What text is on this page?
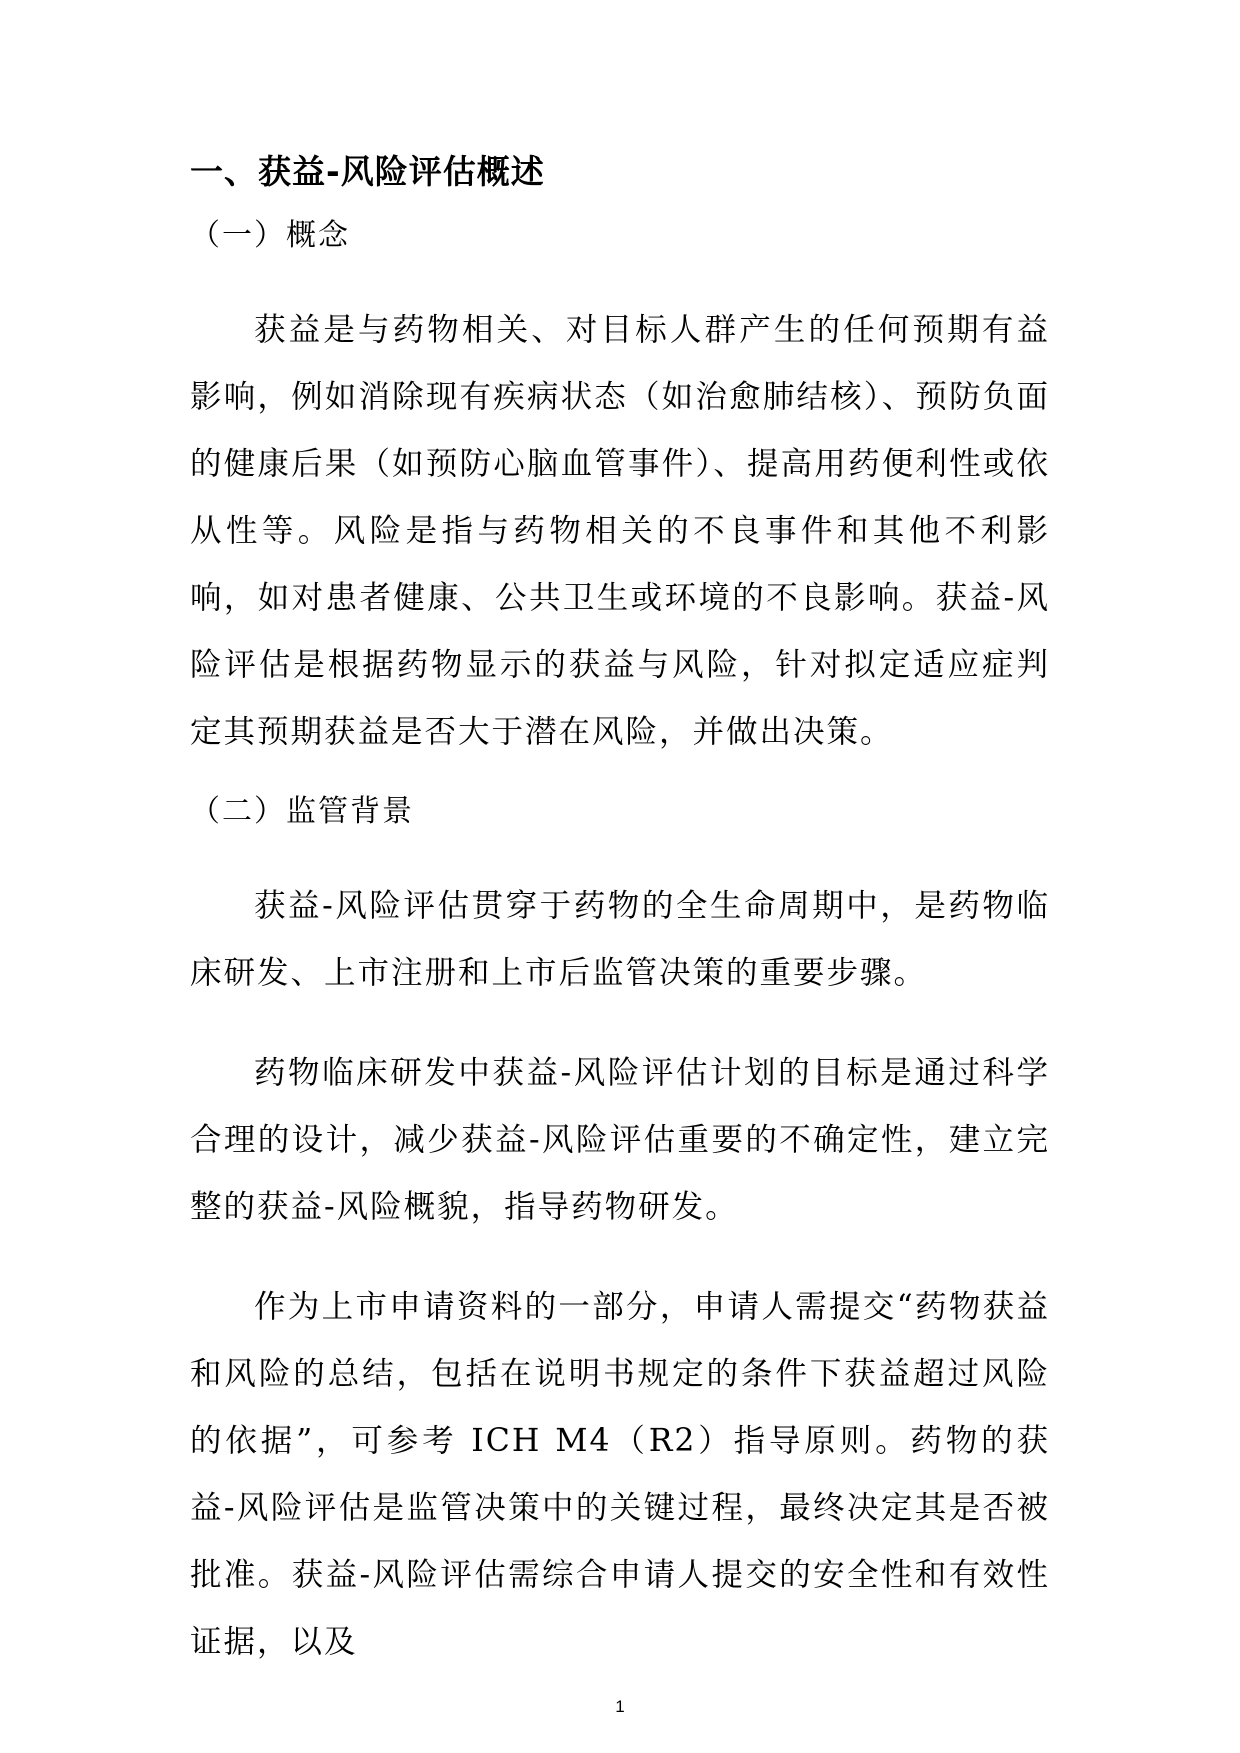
一、获益-风险评估概述
（一）概念

获益是与药物相关、对目标人群产生的任何预期有益影响，例如消除现有疾病状态（如治愈肺结核）、预防负面的健康后果（如预防心脑血管事件）、提高用药便利性或依从性等。风险是指与药物相关的不良事件和其他不利影响，如对患者健康、公共卫生或环境的不良影响。获益-风险评估是根据药物显示的获益与风险，针对拟定适应症判定其预期获益是否大于潜在风险，并做出决策。

（二）监管背景

获益-风险评估贯穿于药物的全生命周期中，是药物临床研发、上市注册和上市后监管决策的重要步骤。

药物临床研发中获益-风险评估计划的目标是通过科学合理的设计，减少获益-风险评估重要的不确定性，建立完整的获益-风险概貌，指导药物研发。

作为上市申请资料的一部分，申请人需提交“药物获益和风险的总结，包括在说明书规定的条件下获益超过风险的依据”，可参考 ICH M4（R2）指导原则。药物的获益-风险评估是监管决策中的关键过程，最终决定其是否被批准。获益-风险评估需综合申请人提交的安全性和有效性证据，以及

1
